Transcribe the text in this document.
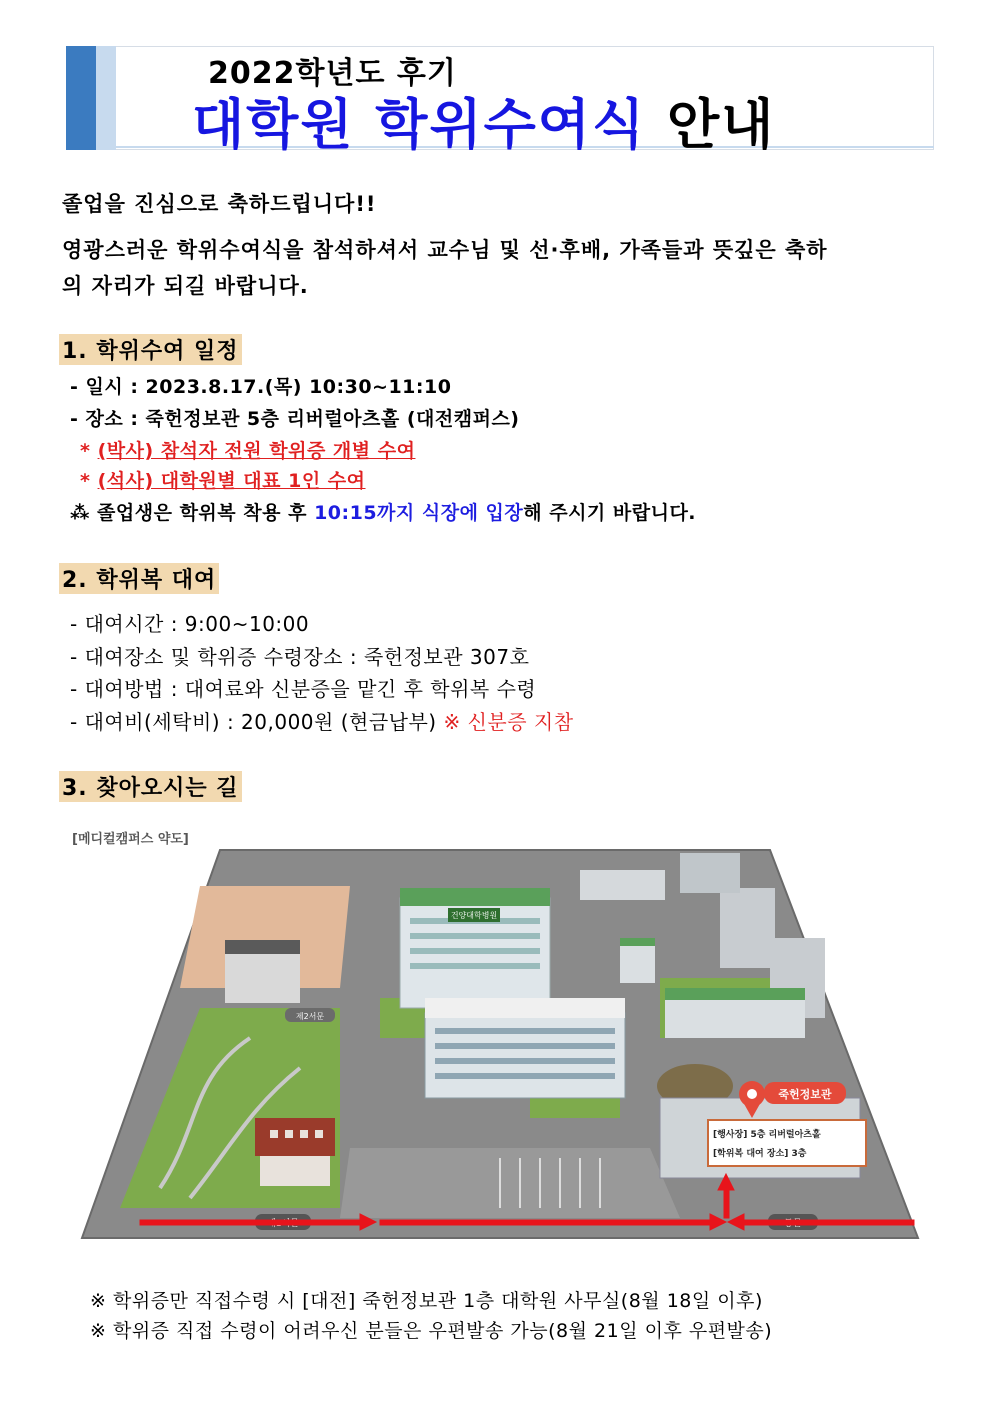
2022학년도 후기
대학원 학위수여식 안내
졸업을 진심으로 축하드립니다!!
영광스러운 학위수여식을 참석하셔서 교수님 및 선·후배, 가족들과 뜻깊은 축하
의 자리가 되길 바랍니다.
1. 학위수여 일정
- 일시 : 2023.8.17.(목) 10:30~11:10
- 장소 : 죽헌정보관 5층 리버럴아츠홀 (대전캠퍼스)
* (박사) 참석자 전원 학위증 개별 수여
* (석사) 대학원별 대표 1인 수여
⁂ 졸업생은 학위복 착용 후 10:15까지 식장에 입장해 주시기 바랍니다.
2. 학위복 대여
- 대여시간 : 9:00~10:00
- 대여장소 및 학위증 수령장소 : 죽헌정보관 307호
- 대여방법 : 대여료와 신분증을 맡긴 후 학위복 수령
- 대여비(세탁비) : 20,000원 (현금납부) ※ 신분증 지참
3. 찾아오시는 길
[메디컬캠퍼스 약도]
건양대학병원
제2서문
죽헌정보관
[행사장] 5층 리버럴아츠홀
[학위복 대여 장소] 3층
※ 학위증만 직접수령 시 [대전] 죽헌정보관 1층 대학원 사무실(8월 18일 이후)
※ 학위증 직접 수령이 어려우신 분들은 우편발송 가능(8월 21일 이후 우편발송)
